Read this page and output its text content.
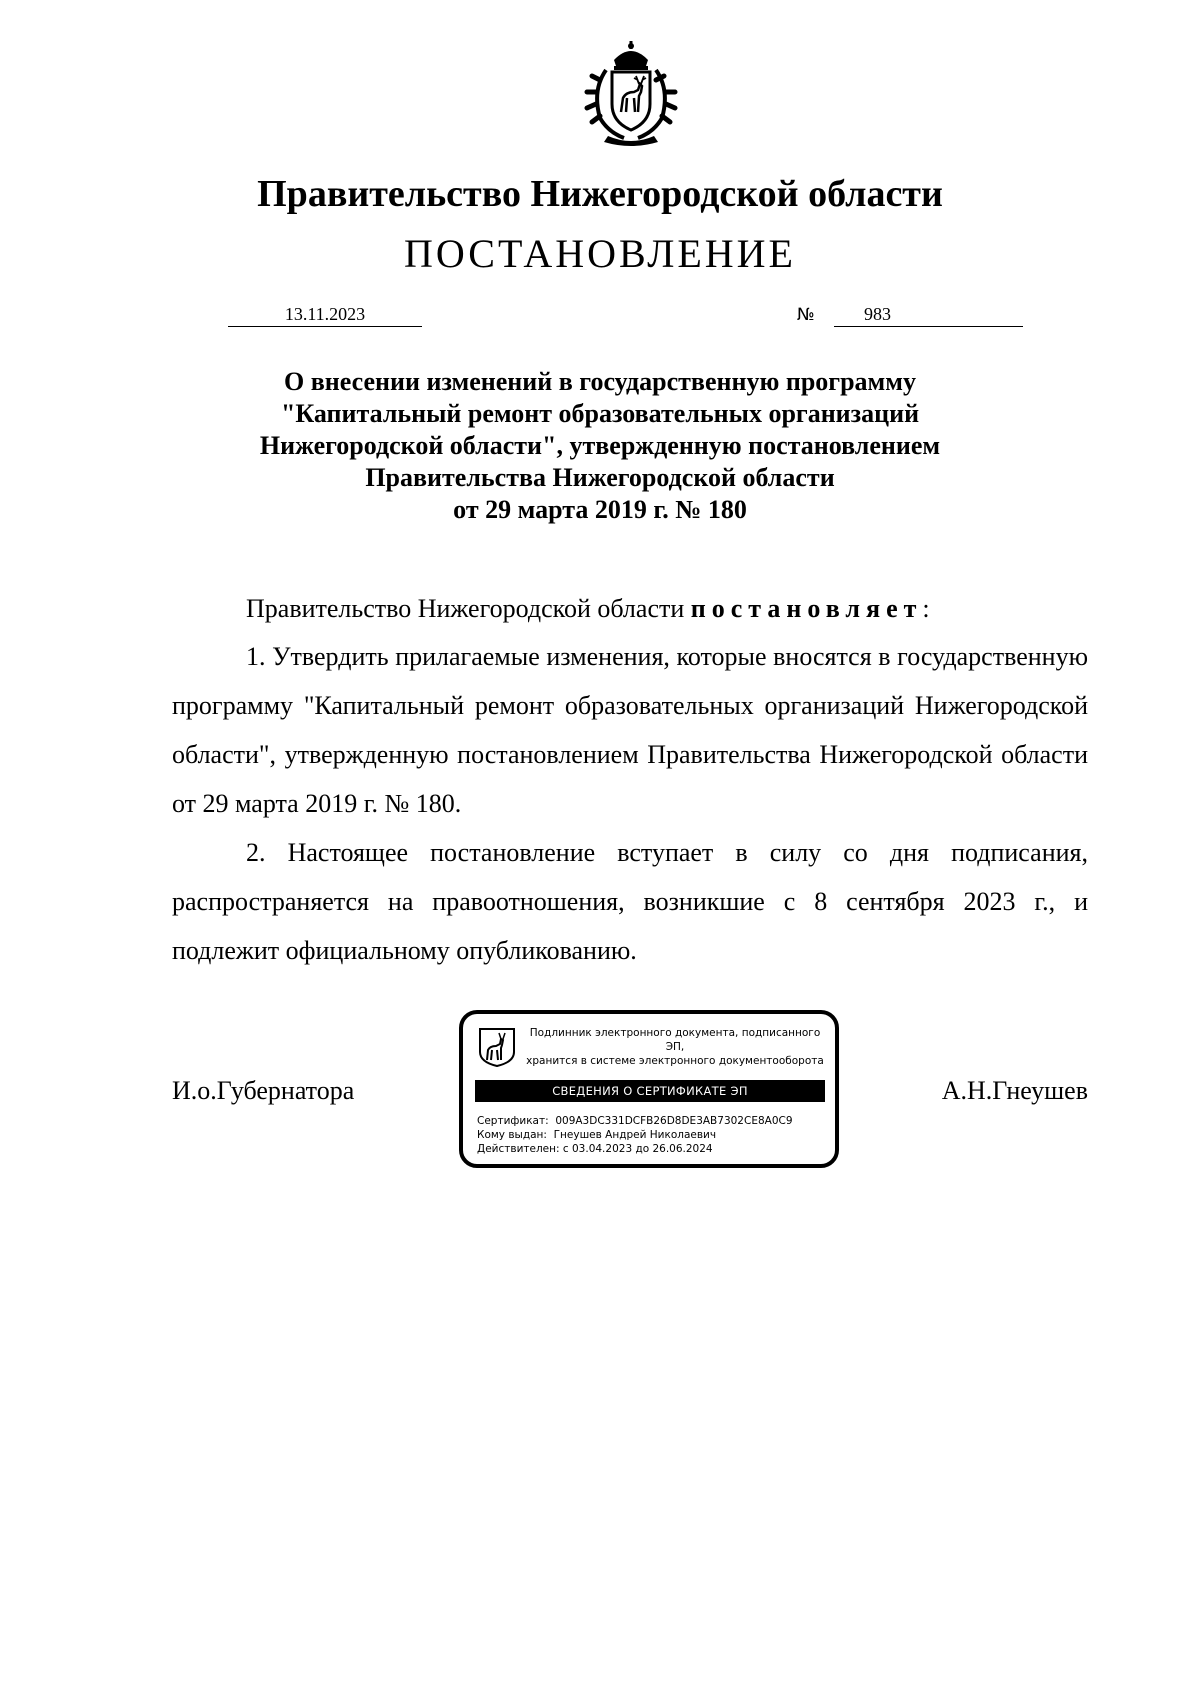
Правительство Нижегородской области
ПОСТАНОВЛЕНИЕ
13.11.2023	№	983
О внесении изменений в государственную программу
"Капитальный ремонт образовательных организаций
Нижегородской области", утвержденную постановлением
Правительства Нижегородской области
от 29 марта 2019 г. № 180
Правительство Нижегородской области постановляет:
1. Утвердить прилагаемые изменения, которые вносятся в государственную программу "Капитальный ремонт образовательных организаций Нижегородской области", утвержденную постановлением Правительства Нижегородской области от 29 марта 2019 г. № 180.
2. Настоящее постановление вступает в силу со дня подписания, распространяется на правоотношения, возникшие с 8 сентября 2023 г., и подлежит официальному опубликованию.
И.о.Губернатора	А.Н.Гнеушев
Подлинник электронного документа, подписанного ЭП,
хранится в системе электронного документооборота
СВЕДЕНИЯ О СЕРТИФИКАТЕ ЭП
Сертификат: 009A3DC331DCFB26D8DE3AB7302CE8A0C9
Кому выдан: Гнеушев Андрей Николаевич
Действителен: с 03.04.2023 до 26.06.2024
